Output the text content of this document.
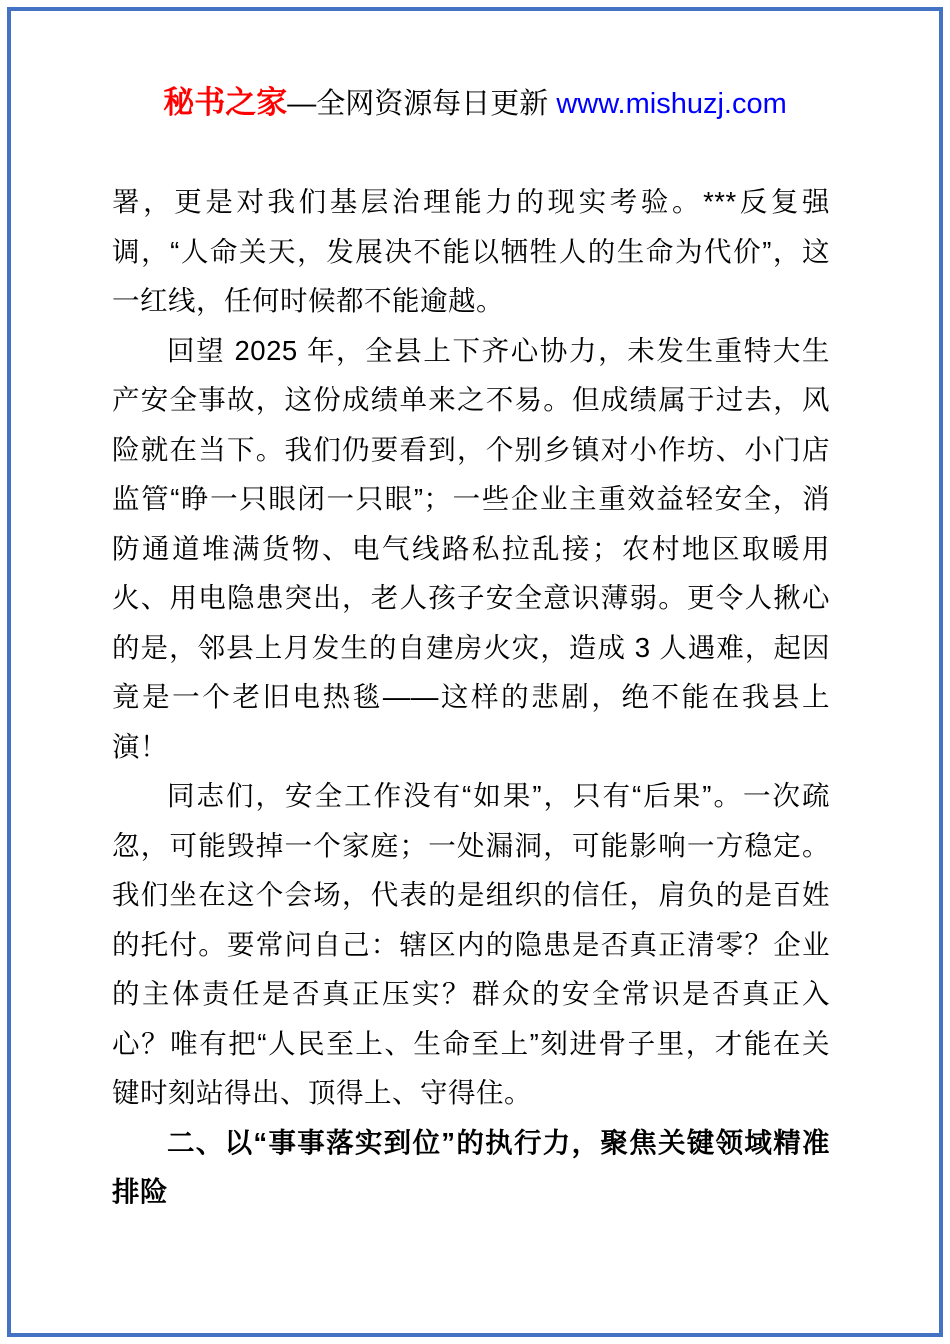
秘书之家—全网资源每日更新 www.mishuzj.com

署，更是对我们基层治理能力的现实考验。***反复强调，“人命关天，发展决不能以牺牲人的生命为代价”，这一红线，任何时候都不能逾越。

回望 2025 年，全县上下齐心协力，未发生重特大生产安全事故，这份成绩单来之不易。但成绩属于过去，风险就在当下。我们仍要看到，个别乡镇对小作坊、小门店监管“睁一只眼闭一只眼”；一些企业主重效益轻安全，消防通道堆满货物、电气线路私拉乱接；农村地区取暖用火、用电隐患突出，老人孩子安全意识薄弱。更令人揪心的是，邻县上月发生的自建房火灾，造成 3 人遇难，起因竟是一个老旧电热毯——这样的悲剧，绝不能在我县上演！

同志们，安全工作没有“如果”，只有“后果”。一次疏忽，可能毁掉一个家庭；一处漏洞，可能影响一方稳定。我们坐在这个会场，代表的是组织的信任，肩负的是百姓的托付。要常问自己：辖区内的隐患是否真正清零？企业的主体责任是否真正压实？群众的安全常识是否真正入心？唯有把“人民至上、生命至上”刻进骨子里，才能在关键时刻站得出、顶得上、守得住。

二、以“事事落实到位”的执行力，聚焦关键领域精准排险
